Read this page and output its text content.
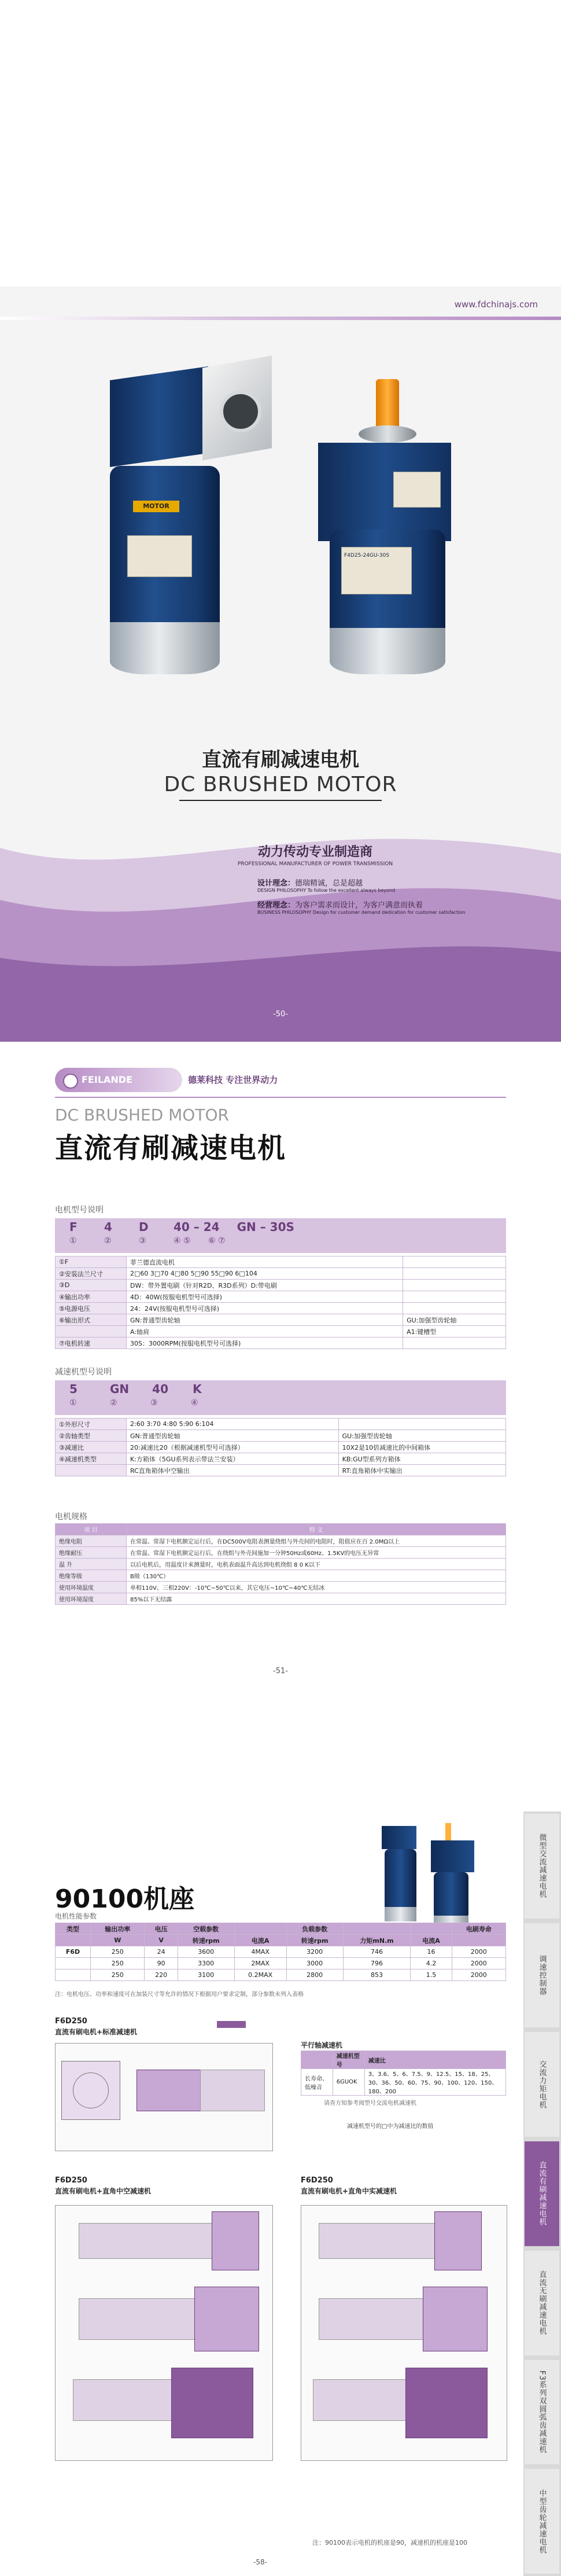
www.fdchinajs.com
MOTOR
F4D25-24GU-30S
直流有刷减速电机
DC BRUSHED MOTOR
动力传动专业制造商
PROFESSIONAL MANUFACTURER OF POWER TRANSMISSION
设计理念：德瑞精诚，总是超越
DESIGN PHILOSOPHY To follow the excellent always beyond
经营理念：为客户需求而设计，为客户满意而执着
BUSINESS PHILOSOPHY Design for customer demand dedication for customer satisfaction
-50-
FEILANDE	德莱科技 专注世界动力
DC BRUSHED MOTOR
直流有刷减速电机
电机型号说明
F 4 D 40 – 24 GN – 30S
①	②	③	④ ⑤ ⑥ ⑦
①F	菲兰德直流电机	
②安装法兰尺寸	2□60 3□70 4□80 5□90 55□90 6□104	
③D	DW：带外置电刷（针对R2D、R3D系列）D:带电刷	
④输出功率	4D：40W(按服电机型号可选择)	
⑤电源电压	24：24V(按服电机型号可选择)	
⑥输出形式	GN:普通型齿轮轴	GU:加强型齿轮轴
	A:轴肩	A1:键槽型
⑦电机转速	30S：3000RPM(按服电机型号可选择)	
减速机型号说明
5	GN 40 K
①	②	③	④
①外形尺寸	2:60 3:70 4:80 5:90 6:104	
②齿轴类型	GN:普通型齿轮轴	GU:加强型齿轮轴
③减速比	20:减速比20（根据减速机型号可选择）	10X2是10倍减速比的中间箱体
④减速机类型	K:方箱体（5GU系列表示带法兰安装）	KB:GU型系列方箱体
	RC直角箱体中空输出	RT:直角箱体中实输出
电机规格
项 目	特 义
绝缘电阻	在常温、常湿下电机额定运行后，在DC500V电阻表测量绕组与外壳间的电阻时，阻值应在百 2.0MΩ以上
绝缘耐压	在常温、常湿下电机额定运行后，在绕组与外壳间施加一分钟50Hz或60Hz、1.5KV的电压无异常
温 升	以后电机后，用温度计来测量时，电机表面温升高达到电机绕组 8 0 K以下
绝缘等级	B级（130℃）
使用环境温度	单相110V、三相220V：-10℃~50℃以来，其它电压~10℃~40℃无结冰
使用环境湿度	85%以下无结露
-51-
微型交流减速电机
调速控制器
交流力矩电机
直流有刷减速电机
直流无刷减速电机
F3系列双圆弧齿减速机
中型齿轮减速电机
90100机座
电机性能参数
类型	输出功率	电压	空载参数		负载参数			电刷寿命
	W	V	转速rpm	电流A	转速rpm	力矩mN.m	电流A	
F6D	250	24	3600	4MAX	3200	746	16	2000
	250	90	3300	2MAX	3000	796	4.2	2000
	250	220	3100	0.2MAX	2800	853	1.5	2000
注：电机电压、功率和速度可在加装尺寸等允许的情况下根据用户要求定制，部分参数未列入表格
F6D250
直流有刷电机+标准减速机
平行轴减速机
	减速机型号	减速比
长寿命、低噪音	6GUOK	3、3.6、5、6、7.5、9、12.5、15、18、25、30、36、50、60、75、90、100、120、150、180、200
请查方知参考阅型号交流电机减速机
减速机型号的□中为减速比的数值
F6D250
直流有刷电机+直角中空减速机
F6D250
直流有刷电机+直角中实减速机
注：90100表示电机的机座是90，减速机的机座是100
-58-
